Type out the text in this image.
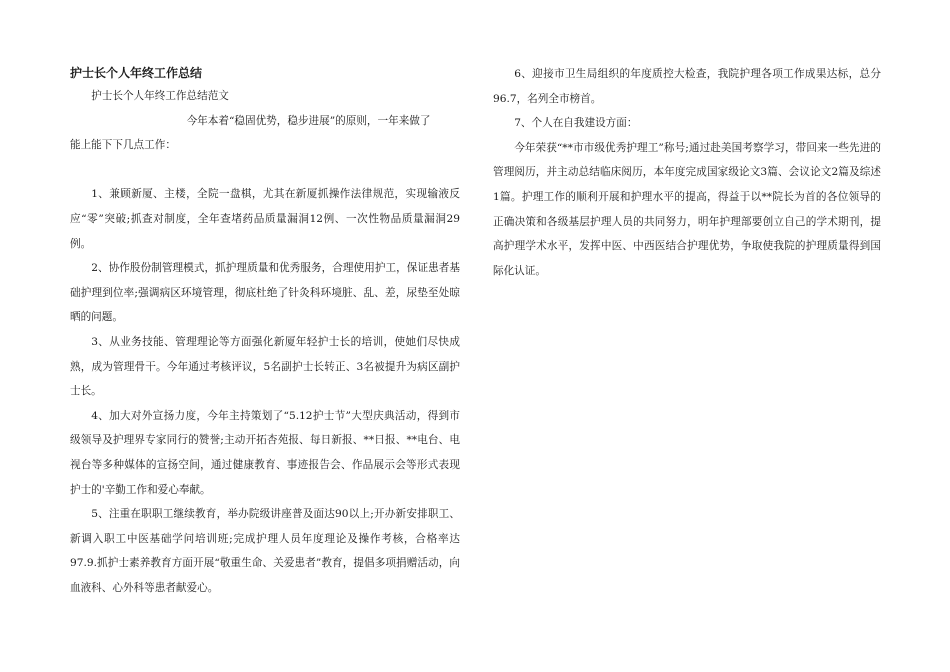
护士长个人年终工作总结

护士长个人年终工作总结范文

今年本着“稳固优势，稳步进展”的原则，一年来做了

能上能下下几点工作：

1、兼顾新厦、主楼，全院一盘棋，尤其在新厦抓操作法律规范，实现输液反应“零”突破;抓查对制度，全年查堵药品质量漏洞12例、一次性物品质量漏洞29例。

2、协作股份制管理模式，抓护理质量和优秀服务，合理使用护工，保证患者基础护理到位率;强调病区环境管理，彻底杜绝了针灸科环境脏、乱、差，尿垫至处晾晒的问题。

3、从业务技能、管理理论等方面强化新厦年轻护士长的培训，使她们尽快成熟，成为管理骨干。今年通过考核评议，5名副护士长转正、3名被提升为病区副护士长。

4、加大对外宣扬力度，今年主持策划了“5.12护士节”大型庆典活动，得到市级领导及护理界专家同行的赞誉;主动开拓杏苑报、每日新报、**日报、**电台、电视台等多种媒体的宣扬空间，通过健康教育、事迹报告会、作品展示会等形式表现护士的'辛勤工作和爱心奉献。

5、注重在职职工继续教育，举办院级讲座普及面达90以上;开办新安排职工、新调入职工中医基础学问培训班;完成护理人员年度理论及操作考核，合格率达97.9.抓护士素养教育方面开展“敬重生命、关爱患者”教育，提倡多项捐赠活动，向血液科、心外科等患者献爱心。

6、迎接市卫生局组织的年度质控大检查，我院护理各项工作成果达标，总分96.7，名列全市榜首。

7、个人在自我建设方面：

今年荣获“**市市级优秀护理工”称号;通过赴美国考察学习，带回来一些先进的管理阅历，并主动总结临床阅历，本年度完成国家级论文3篇、会议论文2篇及综述1篇。护理工作的顺利开展和护理水平的提高，得益于以**院长为首的各位领导的正确决策和各级基层护理人员的共同努力，明年护理部要创立自己的学术期刊，提高护理学术水平，发挥中医、中西医结合护理优势，争取使我院的护理质量得到国际化认证。
